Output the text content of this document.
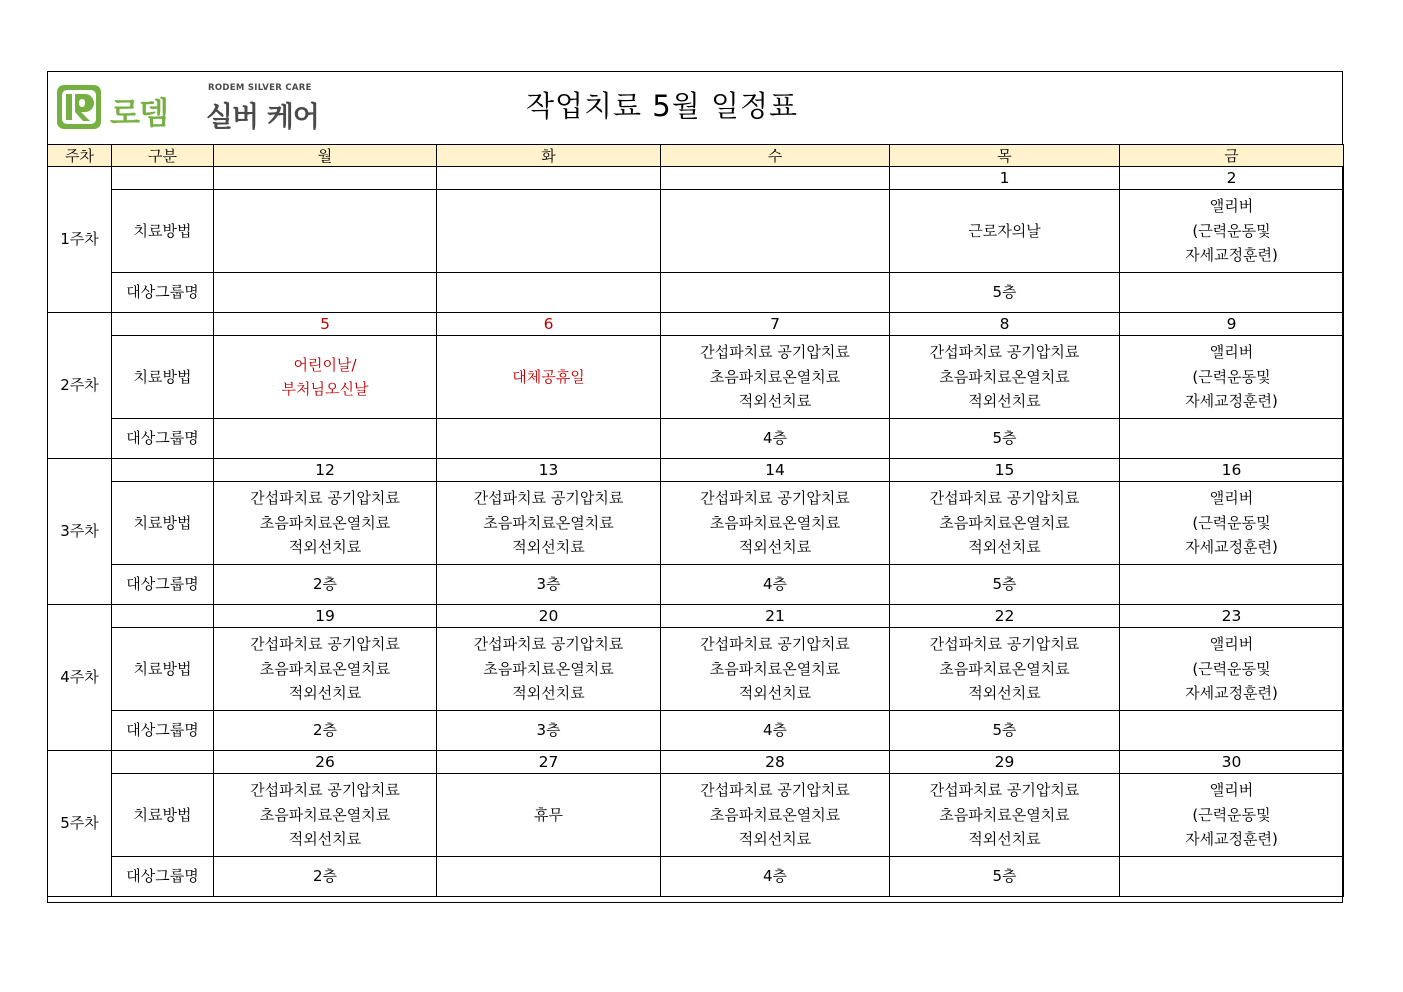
로뎀
RODEM SILVER CARE
실버 케어	작업치료 5월 일정표
주차	구분	월	화	수	목	금
1주차					1	2
	치료방법				근로자의날	앨리버
(근력운동및
자세교정훈련)

	대상그룹명				5층	
2주차		5	6	7	8	9
	치료방법	어린이날/
부처님오신날	대체공휴일	간섭파치료 공기압치료
초음파치료온열치료
적외선치료	간섭파치료 공기압치료
초음파치료온열치료
적외선치료	앨리버
(근력운동및
자세교정훈련)

	대상그룹명			4층	5층	
3주차		12	13	14	15	16
	치료방법	간섭파치료 공기압치료
초음파치료온열치료
적외선치료	간섭파치료 공기압치료
초음파치료온열치료
적외선치료	간섭파치료 공기압치료
초음파치료온열치료
적외선치료	간섭파치료 공기압치료
초음파치료온열치료
적외선치료	앨리버
(근력운동및
자세교정훈련)

	대상그룹명	2층	3층	4층	5층	
4주차		19	20	21	22	23
	치료방법	간섭파치료 공기압치료
초음파치료온열치료
적외선치료	간섭파치료 공기압치료
초음파치료온열치료
적외선치료	간섭파치료 공기압치료
초음파치료온열치료
적외선치료	간섭파치료 공기압치료
초음파치료온열치료
적외선치료	앨리버
(근력운동및
자세교정훈련)

	대상그룹명	2층	3층	4층	5층	
5주차		26	27	28	29	30
	치료방법	간섭파치료 공기압치료
초음파치료온열치료
적외선치료	휴무	간섭파치료 공기압치료
초음파치료온열치료
적외선치료	간섭파치료 공기압치료
초음파치료온열치료
적외선치료	앨리버
(근력운동및
자세교정훈련)

	대상그룹명	2층		4층	5층	
